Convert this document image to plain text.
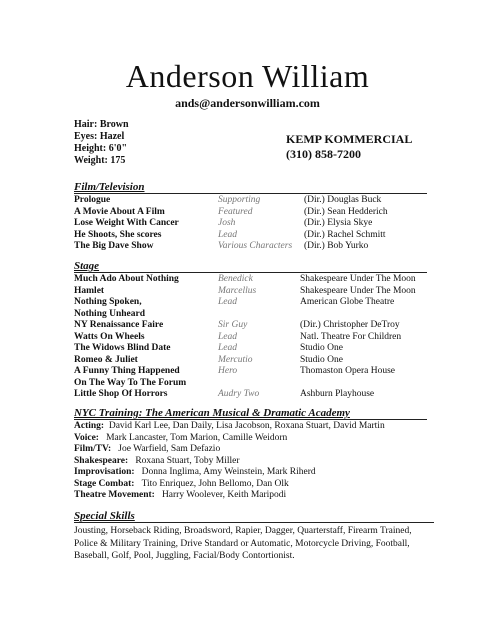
Anderson William
ands@andersonwilliam.com
Hair: Brown
Eyes: Hazel
Height: 6'0"
Weight: 175
KEMP KOMMERCIAL
(310) 858-7200
Film/Television
Prologue	Supporting	(Dir.) Douglas Buck
A Movie About A Film	Featured	(Dir.) Sean Hedderich
Lose Weight With Cancer	Josh	(Dir.) Elysia Skye
He Shoots, She scores	Lead	(Dir.) Rachel Schmitt
The Big Dave Show	Various Characters (Dir.) Bob Yurko
Stage
Much Ado About Nothing	Benedick	Shakespeare Under The Moon
Hamlet	Marcellus	Shakespeare Under The Moon
Nothing Spoken,	Lead	American Globe Theatre
Nothing Unheard
NY Renaissance Faire	Sir Guy	(Dir.) Christopher DeTroy
Watts On Wheels	Lead	Natl. Theatre For Children
The Widows Blind Date	Lead	Studio One
Romeo & Juliet	Mercutio	Studio One
A Funny Thing Happened	Hero	Thomaston Opera House
On The Way To The Forum
Little Shop Of Horrors	Audry Two	Ashburn Playhouse
NYC Training: The American Musical & Dramatic Academy
Acting: David Karl Lee, Dan Daily, Lisa Jacobson, Roxana Stuart, David Martin
Voice: Mark Lancaster, Tom Marion, Camille Weidorn
Film/TV: Joe Warfield, Sam Defazio
Shakespeare: Roxana Stuart, Toby Miller
Improvisation: Donna Inglima, Amy Weinstein, Mark Riherd
Stage Combat: Tito Enriquez, John Bellomo, Dan Olk
Theatre Movement: Harry Woolever, Keith Maripodi
Special Skills
Jousting, Horseback Riding, Broadsword, Rapier, Dagger, Quarterstaff, Firearm Trained, Police & Military Training, Drive Standard or Automatic, Motorcycle Driving, Football, Baseball, Golf, Pool, Juggling, Facial/Body Contortionist.
